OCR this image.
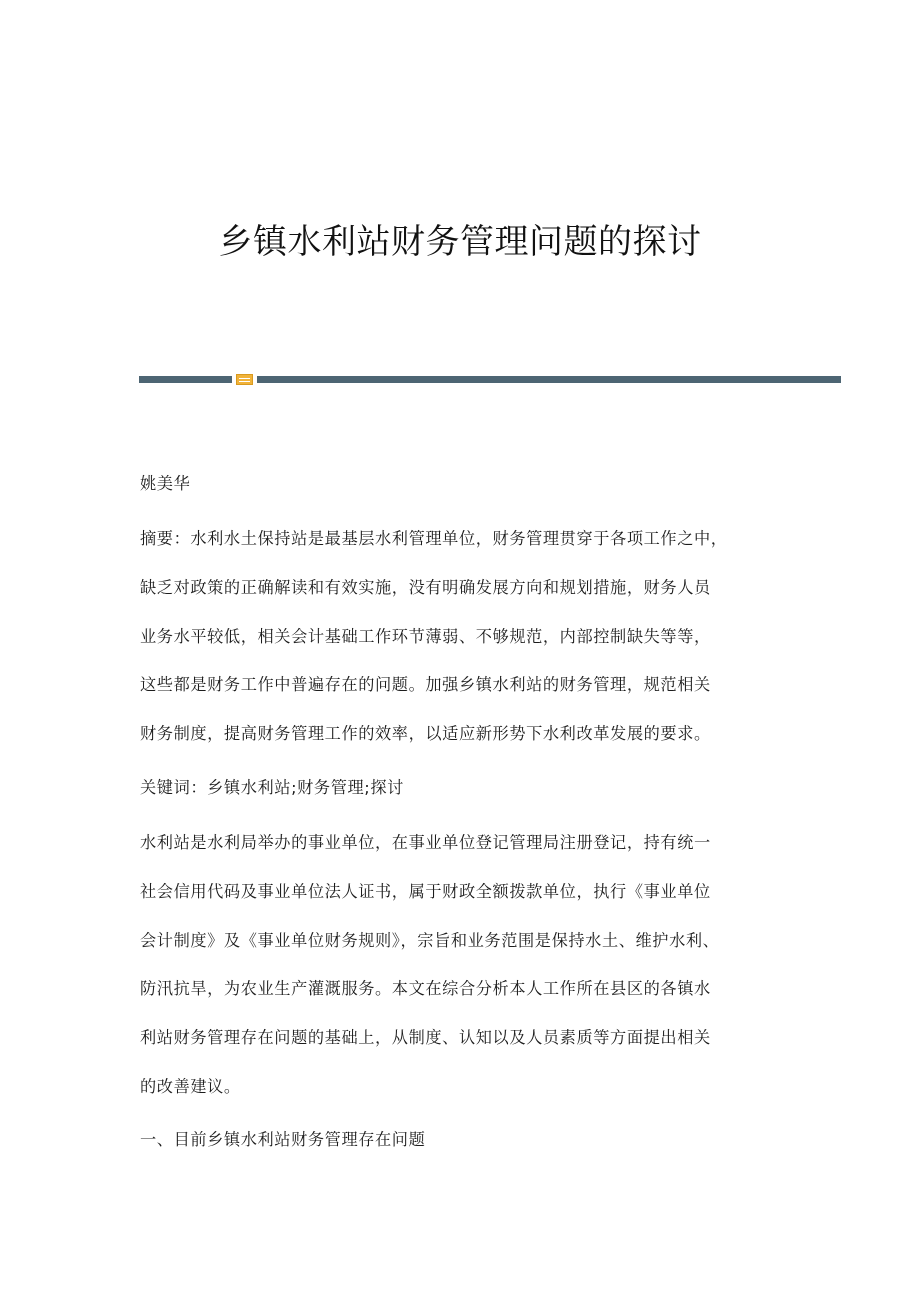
乡镇水利站财务管理问题的探讨
姚美华
摘要：水利水土保持站是最基层水利管理单位，财务管理贯穿于各项工作之中，
缺乏对政策的正确解读和有效实施，没有明确发展方向和规划措施，财务人员
业务水平较低，相关会计基础工作环节薄弱、不够规范，内部控制缺失等等，
这些都是财务工作中普遍存在的问题。加强乡镇水利站的财务管理，规范相关
财务制度，提高财务管理工作的效率，以适应新形势下水利改革发展的要求。
关键词：乡镇水利站;财务管理;探讨
水利站是水利局举办的事业单位，在事业单位登记管理局注册登记，持有统一
社会信用代码及事业单位法人证书，属于财政全额拨款单位，执行《事业单位
会计制度》及《事业单位财务规则》，宗旨和业务范围是保持水土、维护水利、
防汛抗旱，为农业生产灌溉服务。本文在综合分析本人工作所在县区的各镇水
利站财务管理存在问题的基础上，从制度、认知以及人员素质等方面提出相关
的改善建议。
一、目前乡镇水利站财务管理存在问题
